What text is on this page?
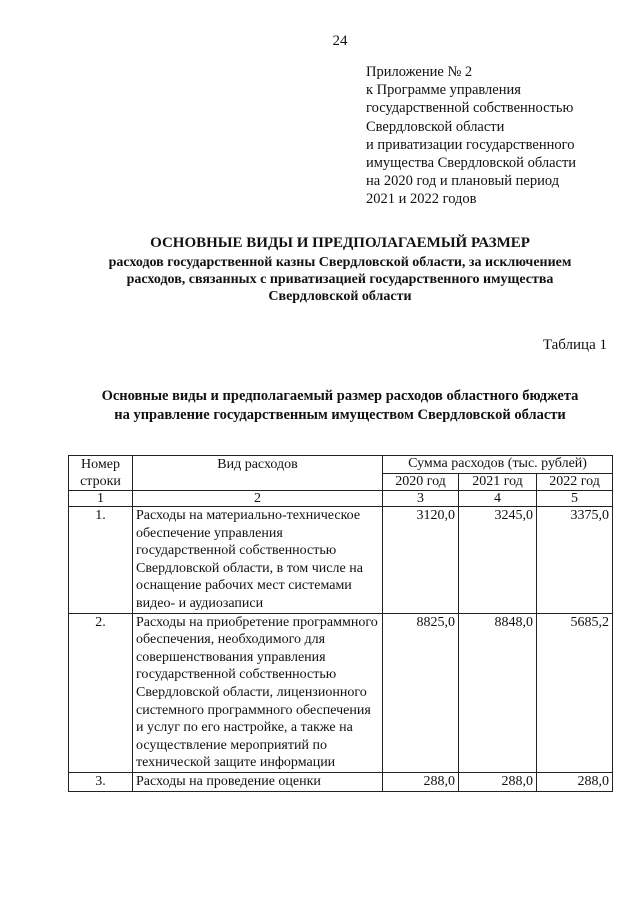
24
Приложение № 2
к Программе управления
государственной собственностью
Свердловской области
и приватизации государственного
имущества Свердловской области
на 2020 год и плановый период
2021 и 2022 годов
ОСНОВНЫЕ ВИДЫ И ПРЕДПОЛАГАЕМЫЙ РАЗМЕР
расходов государственной казны Свердловской области, за исключением
расходов, связанных с приватизацией государственного имущества
Свердловской области
Таблица 1
Основные виды и предполагаемый размер расходов областного бюджета
на управление государственным имуществом Свердловской области
Номер строки	Вид расходов	Сумма расходов (тыс. рублей)		
		2020 год	2021 год	2022 год
1	2	3	4	5
1.	Расходы на материально-техническое обеспечение управления государственной собственностью Свердловской области, в том числе на оснащение рабочих мест системами видео- и аудиозаписи	3120,0	3245,0	3375,0
2.	Расходы на приобретение программного обеспечения, необходимого для совершенствования управления государственной собственностью Свердловской области, лицензионного системного программного обеспечения и услуг по его настройке, а также на осуществление мероприятий по технической защите информации	8825,0	8848,0	5685,2
3.	Расходы на проведение оценки	288,0	288,0	288,0
